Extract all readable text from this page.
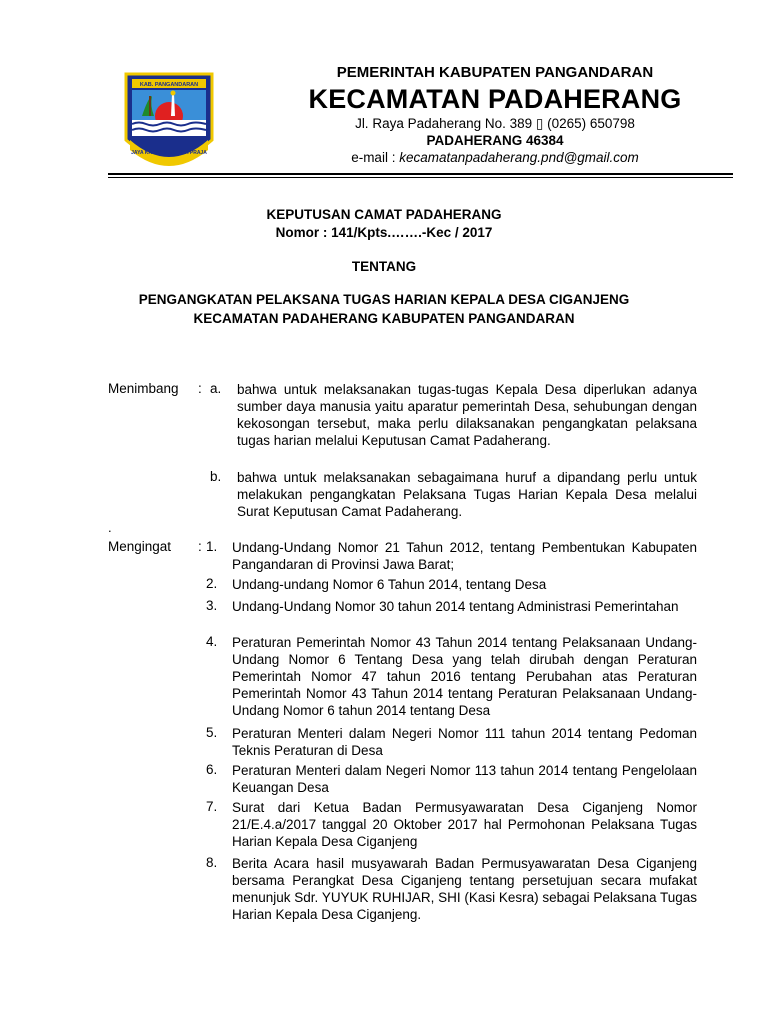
KAB. PANGANDARAN
JAYA KARSA MAKARYA PRAJA
PEMERINTAH KABUPATEN PANGANDARAN
KECAMATAN PADAHERANG
Jl. Raya Padaherang No. 389 ▯ (0265) 650798
PADAHERANG 46384
e-mail : kecamatanpadaherang.pnd@gmail.com
KEPUTUSAN CAMAT PADAHERANG
Nomor : 141/Kpts.…….-Kec / 2017
TENTANG
PENGANGKATAN PELAKSANA TUGAS HARIAN KEPALA DESA CIGANJENG
KECAMATAN PADAHERANG KABUPATEN PANGANDARAN
Menimbang : a. bahwa untuk melaksanakan tugas-tugas Kepala Desa diperlukan adanya sumber daya manusia yaitu aparatur pemerintah Desa, sehubungan dengan kekosongan tersebut, maka perlu dilaksanakan pengangkatan pelaksana tugas harian melalui Keputusan Camat Padaherang.
b. bahwa untuk melaksanakan sebagaimana huruf a dipandang perlu untuk melakukan pengangkatan Pelaksana Tugas Harian Kepala Desa melalui Surat Keputusan Camat Padaherang.
.
Mengingat : 1. Undang-Undang Nomor 21 Tahun 2012, tentang Pembentukan Kabupaten Pangandaran di Provinsi Jawa Barat;
2. Undang-undang Nomor 6 Tahun 2014, tentang Desa
3. Undang-Undang Nomor 30 tahun 2014 tentang Administrasi Pemerintahan
4. Peraturan Pemerintah Nomor 43 Tahun 2014 tentang Pelaksanaan Undang-Undang Nomor 6 Tentang Desa yang telah dirubah dengan Peraturan Pemerintah Nomor 47 tahun 2016 tentang Perubahan atas Peraturan Pemerintah Nomor 43 Tahun 2014 tentang Peraturan Pelaksanaan Undang-Undang Nomor 6 tahun 2014 tentang Desa
5. Peraturan Menteri dalam Negeri Nomor 111 tahun 2014 tentang Pedoman Teknis Peraturan di Desa
6. Peraturan Menteri dalam Negeri Nomor 113 tahun 2014 tentang Pengelolaan Keuangan Desa
7. Surat dari Ketua Badan Permusyawaratan Desa Ciganjeng Nomor 21/E.4.a/2017 tanggal 20 Oktober 2017 hal Permohonan Pelaksana Tugas Harian Kepala Desa Ciganjeng
8. Berita Acara hasil musyawarah Badan Permusyawaratan Desa Ciganjeng bersama Perangkat Desa Ciganjeng tentang persetujuan secara mufakat menunjuk Sdr. YUYUK RUHIJAR, SHI (Kasi Kesra) sebagai Pelaksana Tugas Harian Kepala Desa Ciganjeng.
